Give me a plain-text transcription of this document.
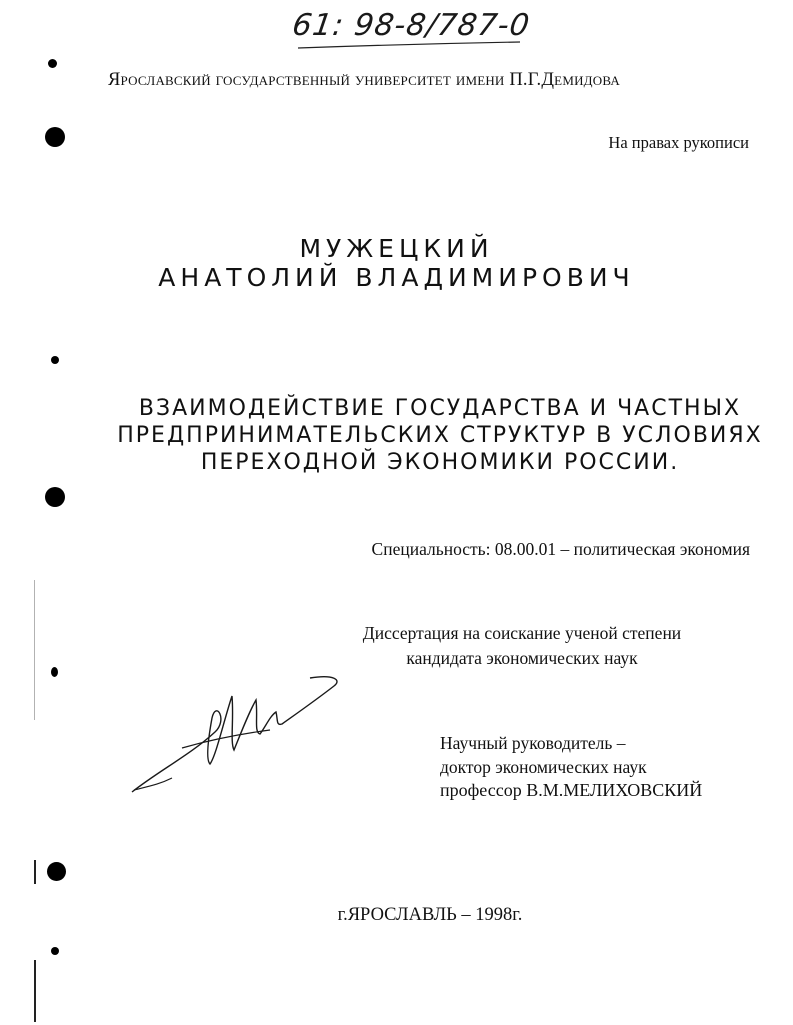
61: 98-8/787-0
Ярославский государственный университет имени П.Г.Демидова
На правах рукописи
МУЖЕЦКИЙ
АНАТОЛИЙ ВЛАДИМИРОВИЧ
ВЗАИМОДЕЙСТВИЕ ГОСУДАРСТВА И ЧАСТНЫХ
ПРЕДПРИНИМАТЕЛЬСКИХ СТРУКТУР В УСЛОВИЯХ
ПЕРЕХОДНОЙ ЭКОНОМИКИ РОССИИ.
Специальность: 08.00.01 – политическая экономия
Диссертация на соискание ученой степени
кандидата экономических наук
Научный руководитель –
доктор экономических наук
профессор В.М.МЕЛИХОВСКИЙ
г.ЯРОСЛАВЛЬ – 1998г.
